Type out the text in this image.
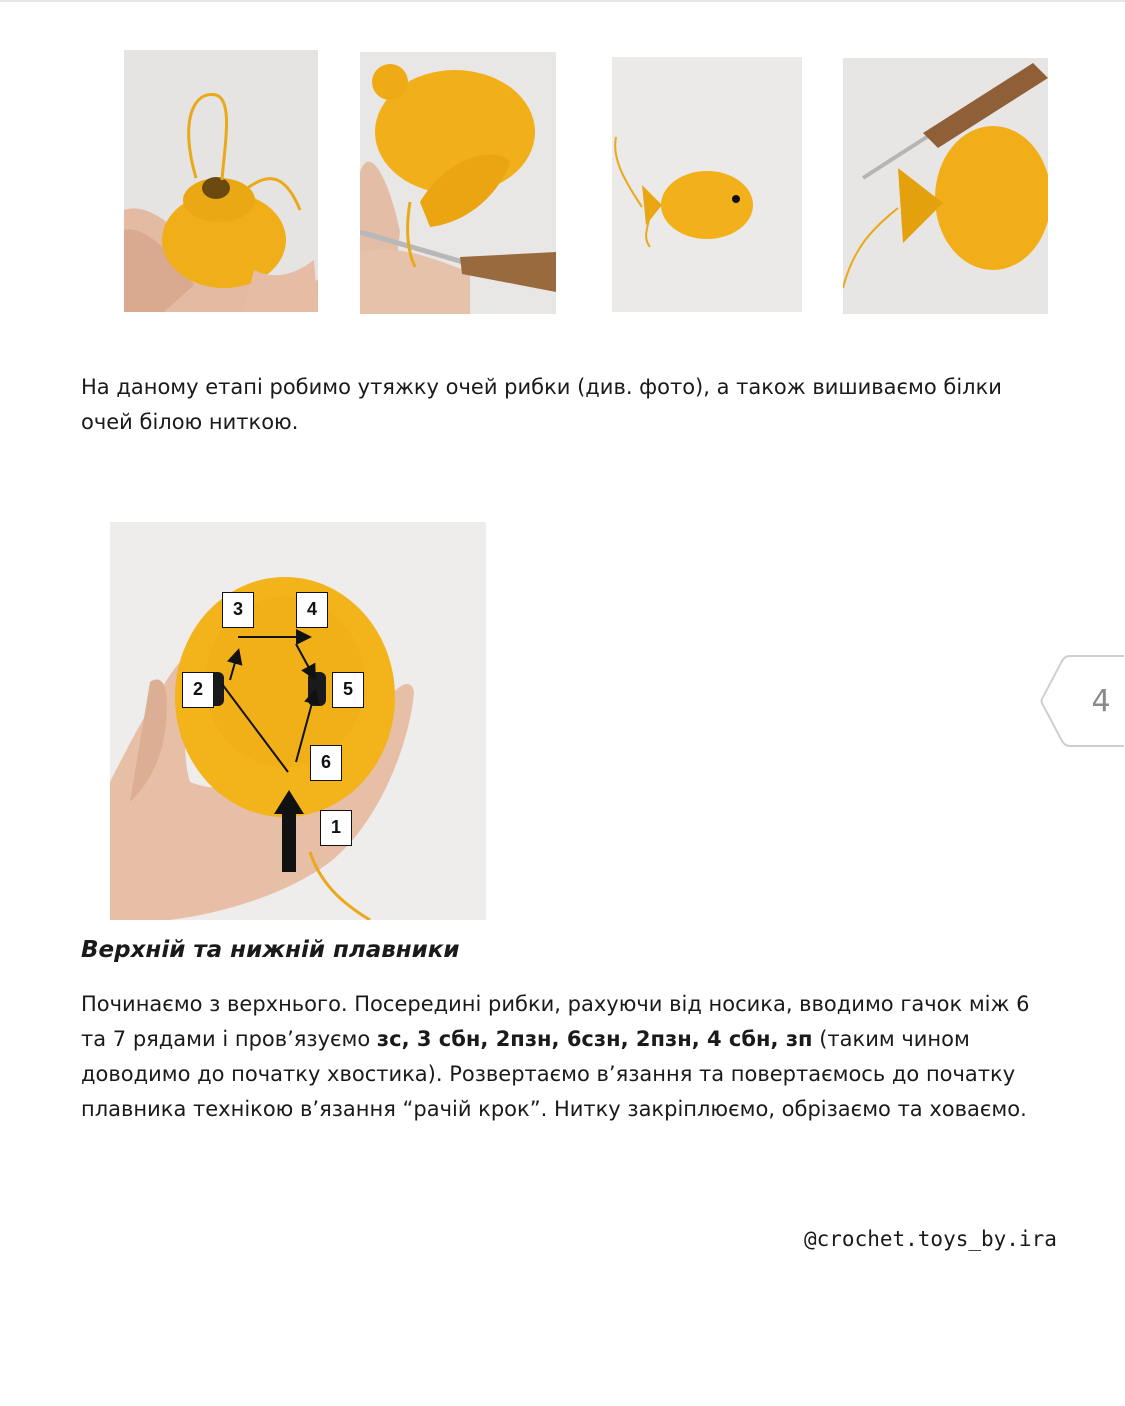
На даному етапі робимо утяжку очей рибки (див. фото), а також вишиваємо білки очей білою ниткою.

1
2
3	4
5
6
Верхній та нижній плавники

Починаємо з верхнього. Посередині рибки, рахуючи від носика, вводимо гачок між 6 та 7 рядами і пров’язуємо зс, 3 сбн, 2пзн, 6сзн, 2пзн, 4 сбн, зп (таким чином доводимо до початку хвостика). Розвертаємо в’язання та повертаємось до початку плавника технікою в’язання “рачій крок”. Нитку закріплюємо, обрізаємо та ховаємо.

@crochet.toys_by.ira

4
